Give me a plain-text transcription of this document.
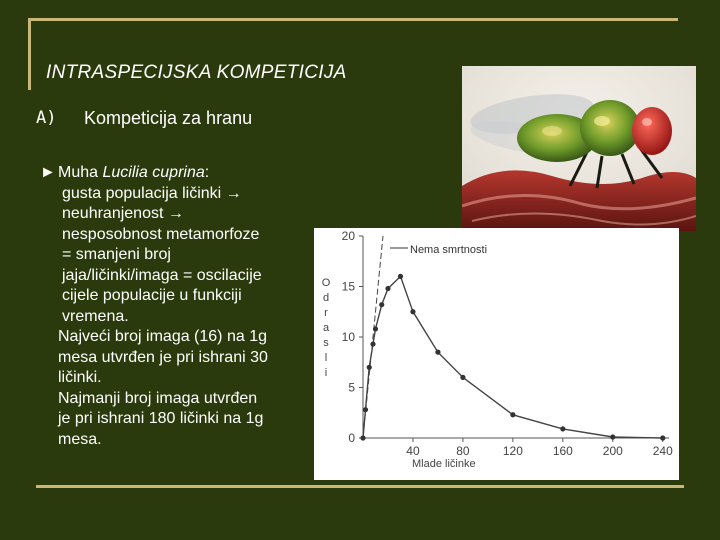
INTRASPECIJSKA KOMPETICIJA
A) Kompeticija za hranu
► Muha Lucilia cuprina:
gusta populacija ličinki →
neuhranjenost →
nesposobnost metamorfoze
= smanjeni broj
jaja/ličinki/imaga = oscilacije
cijele populacije u funkciji
vremena.
Najveći broj imaga (16) na 1g
mesa utvrđen je pri ishrani 30
ličinki.
Najmanji broj imaga utvrđen
je pri ishrani 180 ličinki na 1g
mesa.	0
5
10
15
20
40	80	120 160 200 240
Nema smrtnosti
Mlade ličinke
O
d
r
a
s
l
i
